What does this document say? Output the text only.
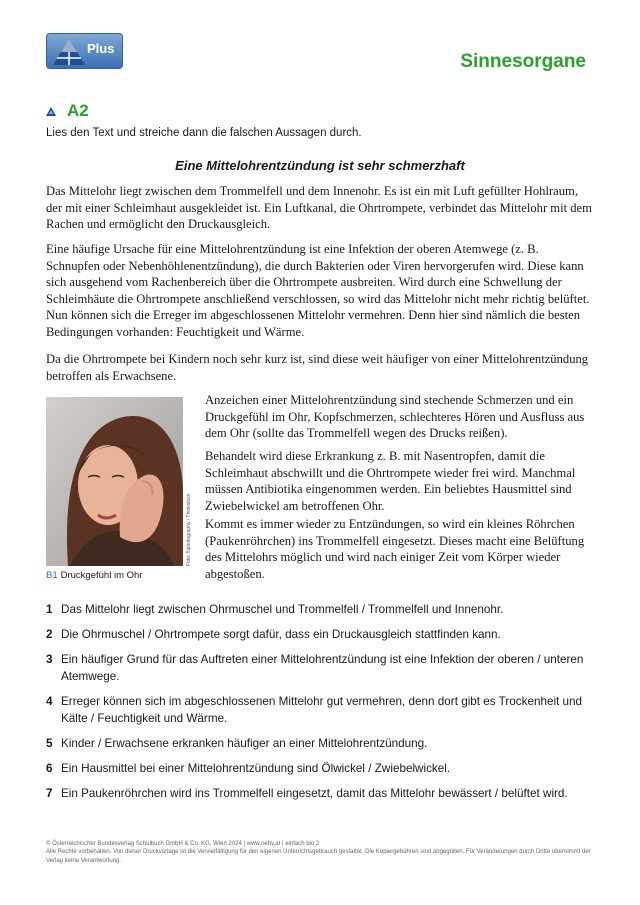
Plus
Sinnesorgane
A2
Lies den Text und streiche dann die falschen Aussagen durch.
Eine Mittelohrentzündung ist sehr schmerzhaft

Das Mittelohr liegt zwischen dem Trommelfell und dem Innenohr. Es ist ein mit Luft gefüllter Hohlraum, der mit einer Schleimhaut ausgekleidet ist. Ein Luftkanal, die Ohrtrompete, verbindet das Mittelohr mit dem Rachen und ermöglicht den Druckausgleich.

Eine häufige Ursache für eine Mittelohrentzündung ist eine Infektion der oberen Atemwege (z. B. Schnupfen oder Nebenhöhlenentzündung), die durch Bakterien oder Viren hervorgerufen wird. Diese kann sich ausgehend vom Rachenbereich über die Ohrtrompete ausbreiten. Wird durch eine Schwellung der Schleimhäute die Ohrtrompete anschließend verschlossen, so wird das Mittelohr nicht mehr richtig belüftet. Nun können sich die Erreger im abgeschlossenen Mittelohr vermehren. Denn hier sind nämlich die besten Bedingungen vorhanden: Feuchtigkeit und Wärme.

Da die Ohrtrompete bei Kindern noch sehr kurz ist, sind diese weit häufiger von einer Mittelohrentzündung betroffen als Erwachsene.

Anzeichen einer Mittelohrentzündung sind stechende Schmerzen und ein Druckgefühl im Ohr, Kopfschmerzen, schlechteres Hören und Ausfluss aus dem Ohr (sollte das Trommelfell wegen des Drucks reißen).

Behandelt wird diese Erkrankung z. B. mit Nasentropfen, damit die Schleimhaut abschwillt und die Ohrtrompete wieder frei wird. Manchmal müssen Antibiotika eingenommen werden. Ein beliebtes Hausmittel sind Zwiebelwickel am betroffenen Ohr.

Kommt es immer wieder zu Entzündungen, so wird ein kleines Röhrchen (Paukenröhrchen) ins Trommelfell eingesetzt. Dieses macht eine Belüftung des Mittelohrs möglich und wird nach einiger Zeit vom Körper wieder abgestoßen.

Foto: 5iphotography / Thinkstock
B1 Druckgefühl im Ohr
1 Das Mittelohr liegt zwischen Ohrmuschel und Trommelfell / Trommelfell und Innenohr.
2 Die Ohrmuschel / Ohrtrompete sorgt dafür, dass ein Druckausgleich stattfinden kann.
3 Ein häufiger Grund für das Auftreten einer Mittelohrentzündung ist eine Infektion der oberen / unteren Atemwege.
4 Erreger können sich im abgeschlossenen Mittelohr gut vermehren, denn dort gibt es Trockenheit und Kälte / Feuchtigkeit und Wärme.
5 Kinder / Erwachsene erkranken häufiger an einer Mittelohrentzündung.
6 Ein Hausmittel bei einer Mittelohrentzündung sind Ölwickel / Zwiebelwickel.
7 Ein Paukenröhrchen wird ins Trommelfell eingesetzt, damit das Mittelohr bewässert / belüftet wird.
© Österreichischer Bundesverlag Schulbuch GmbH & Co. KG, Wien 2024 | www.oebv.at | einfach bio 2
Alle Rechte vorbehalten. Von dieser Druckvorlage ist die Vervielfältigung für den eigenen Unterrichtsgebrauch gestattet. Die Kopiergebühren sind abgegolten. Für Veränderungen durch Dritte übernimmt der Verlag keine Verantwortung.
